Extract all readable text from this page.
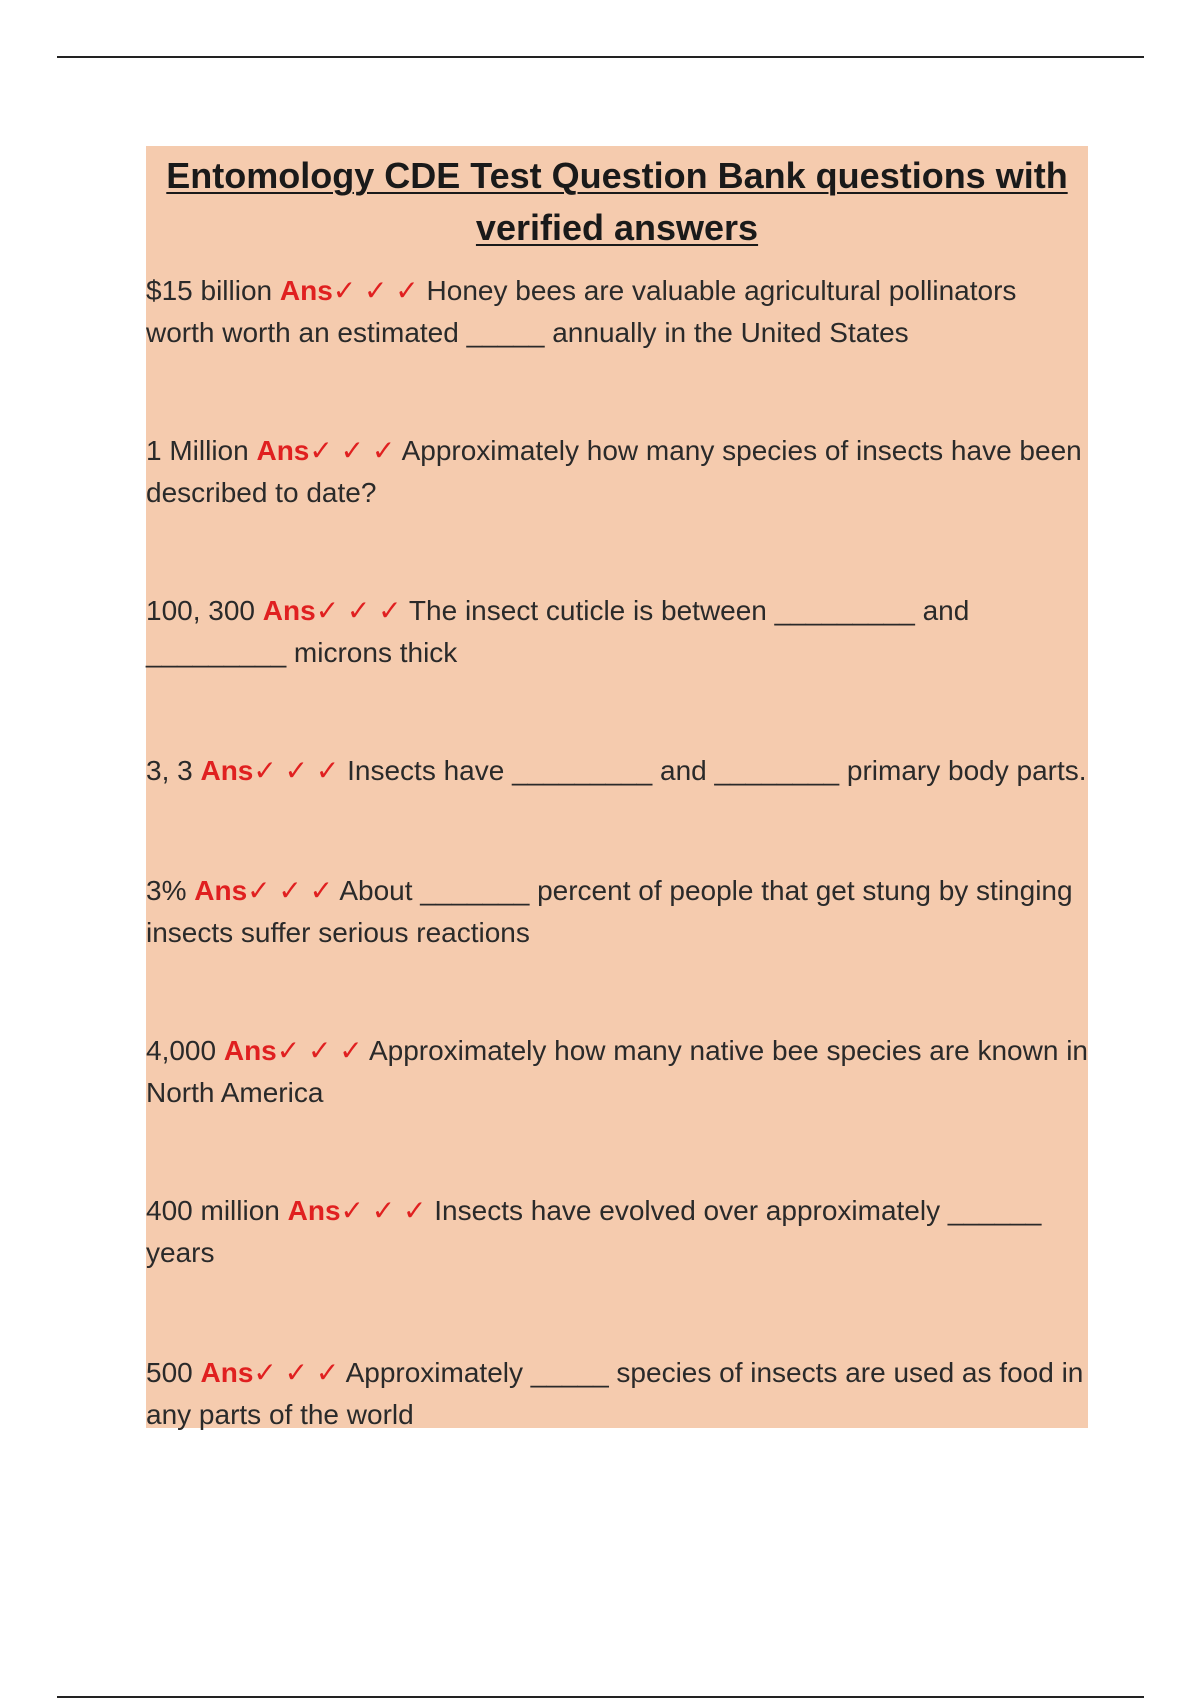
Entomology CDE Test Question Bank questions with verified answers

$15 billion Ans✓ ✓ ✓ Honey bees are valuable agricultural pollinators worth worth an estimated _____ annually in the United States

1 Million Ans✓ ✓ ✓ Approximately how many species of insects have been described to date?

100, 300 Ans✓ ✓ ✓ The insect cuticle is between _________ and _________ microns thick

3, 3 Ans✓ ✓ ✓ Insects have _________ and ________ primary body parts.

3% Ans✓ ✓ ✓ About _______ percent of people that get stung by stinging insects suffer serious reactions

4,000 Ans✓ ✓ ✓ Approximately how many native bee species are known in North America

400 million Ans✓ ✓ ✓ Insects have evolved over approximately ______ years

500 Ans✓ ✓ ✓ Approximately _____ species of insects are used as food in any parts of the world
